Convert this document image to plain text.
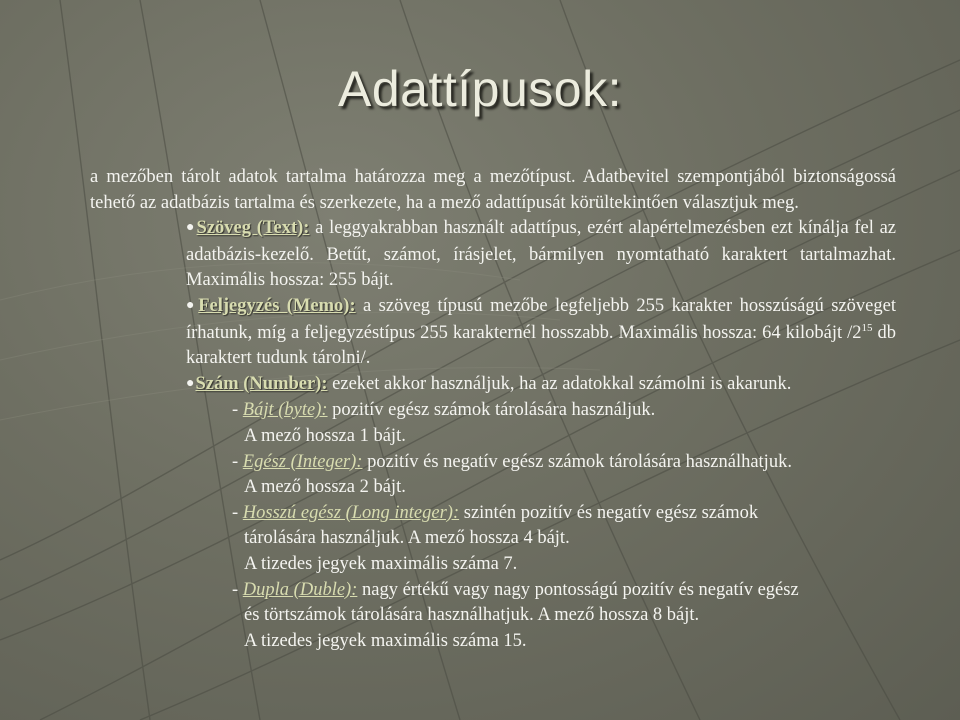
Adattípusok:

a mezőben tárolt adatok tartalma határozza meg a mezőtípust. Adatbevitel szempontjából biztonságossá tehető az adatbázis tartalma és szerkezete, ha a mező adattípusát körültekintően választjuk meg.

●Szöveg (Text): a leggyakrabban használt adattípus, ezért alapértelmezésben ezt kínálja fel az adatbázis-kezelő. Betűt, számot, írásjelet, bármilyen nyomtatható karaktert tartalmazhat. Maximális hossza: 255 bájt.
●Feljegyzés (Memo): a szöveg típusú mezőbe legfeljebb 255 karakter hosszúságú szöveget írhatunk, míg a feljegyzéstípus 255 karakternél hosszabb. Maximális hossza: 64 kilobájt $/2^{15}$ db karaktert tudunk tárolni/.
●Szám (Number): ezeket akkor használjuk, ha az adatokkal számolni is akarunk.
- Bájt (byte): pozitív egész számok tárolására használjuk.
A mező hossza 1 bájt.
- Egész (Integer): pozitív és negatív egész számok tárolására használhatjuk.
A mező hossza 2 bájt.
- Hosszú egész (Long integer): szintén pozitív és negatív egész számok
tárolására használjuk. A mező hossza 4 bájt.
A tizedes jegyek maximális száma 7.
- Dupla (Duble): nagy értékű vagy nagy pontosságú pozitív és negatív egész
és törtszámok tárolására használhatjuk. A mező hossza 8 bájt.
A tizedes jegyek maximális száma 15.
